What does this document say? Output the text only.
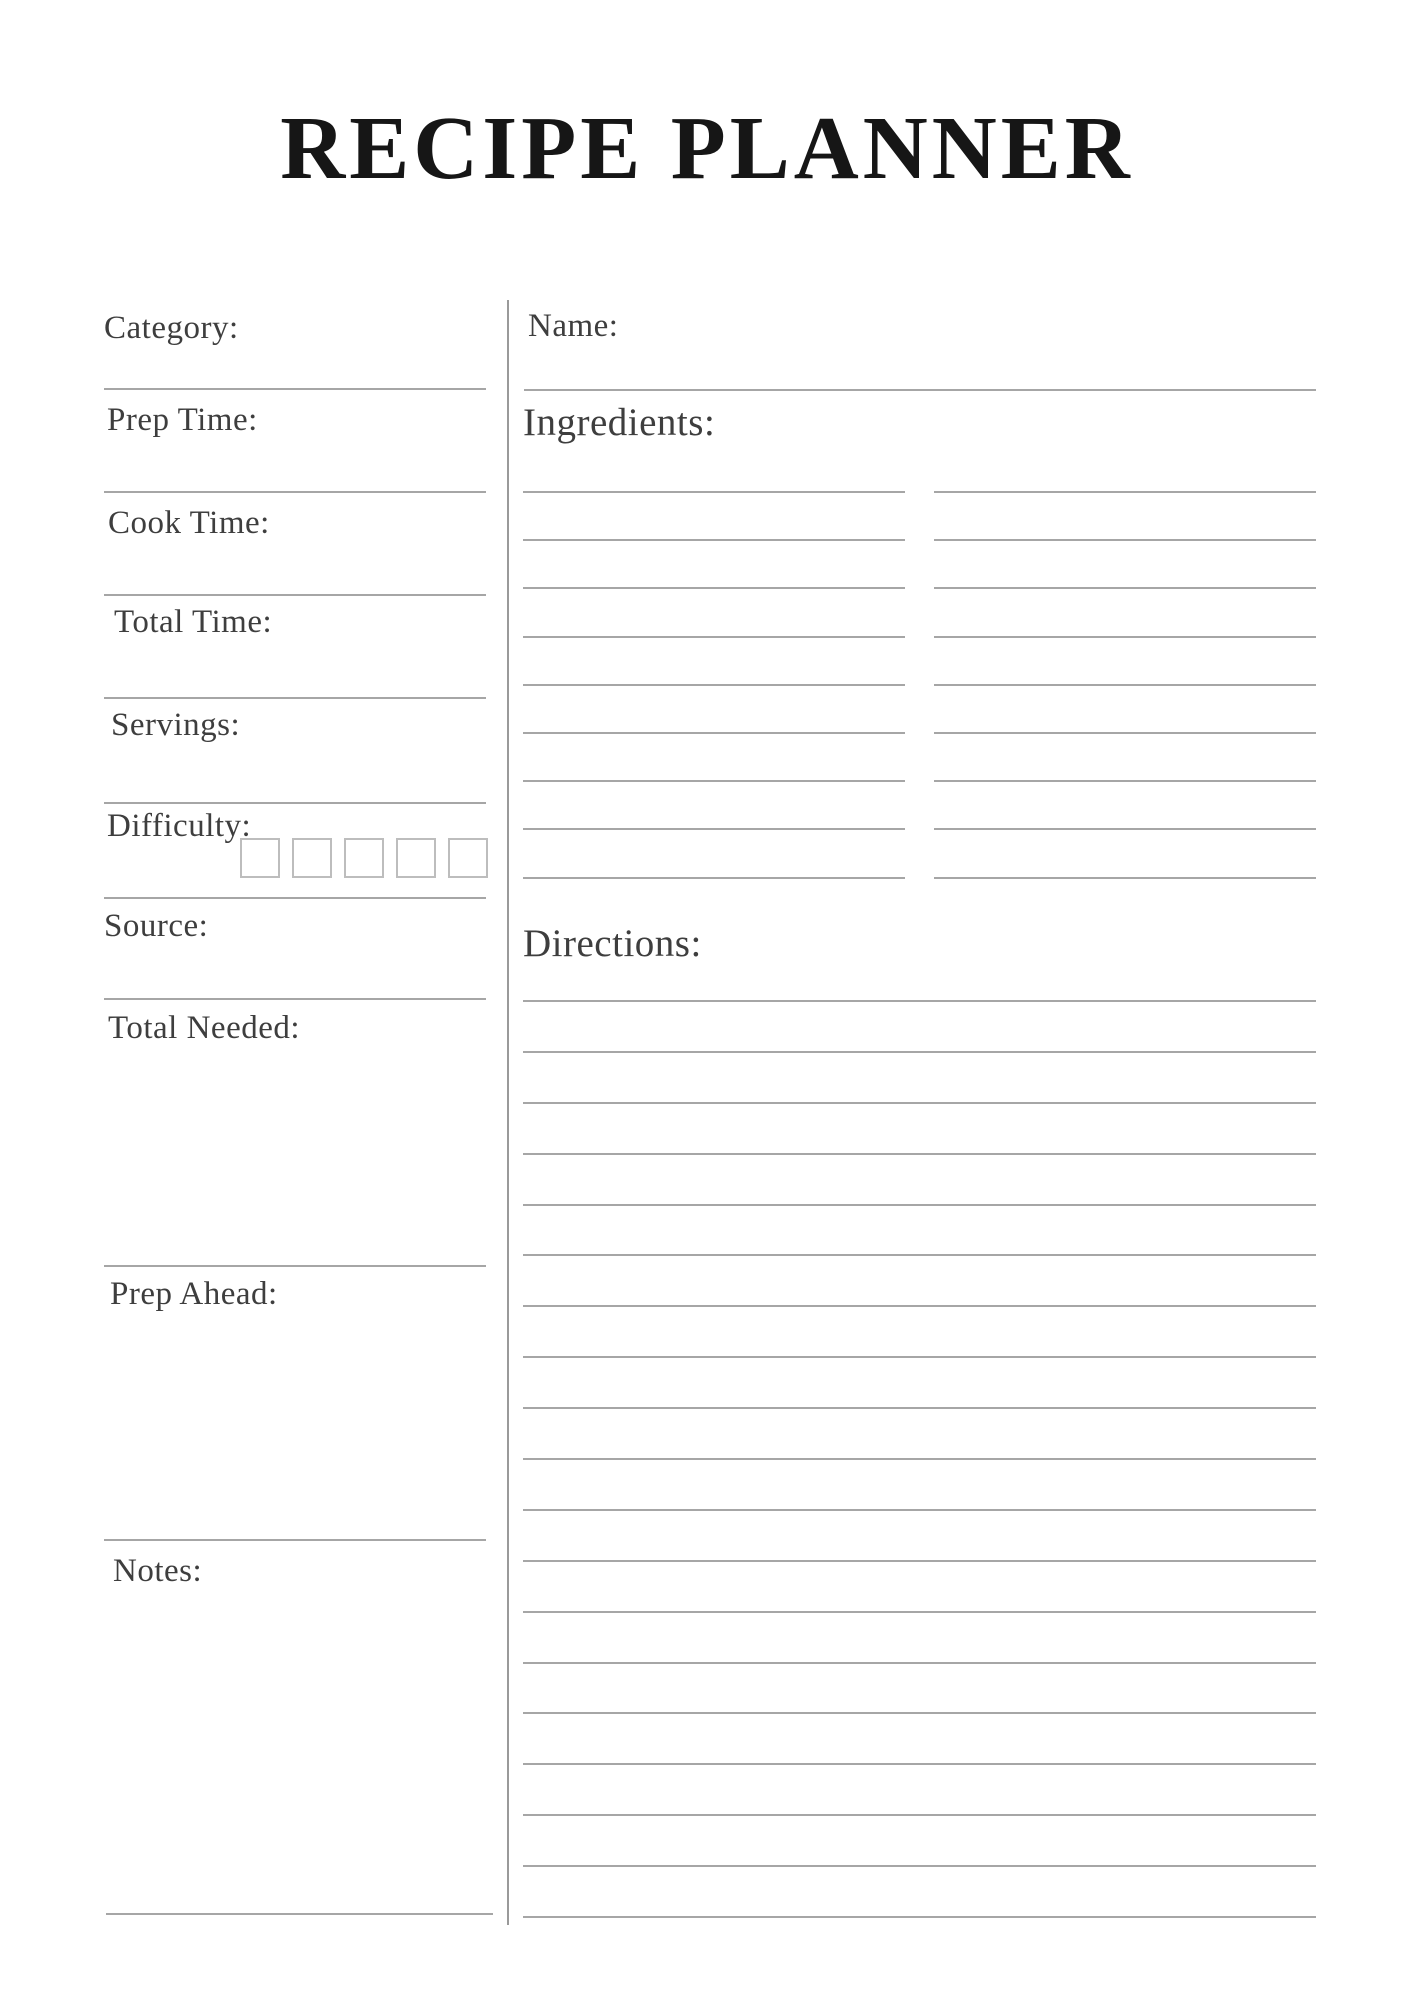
RECIPE PLANNER
Category:
Prep Time:
Cook Time:
Total Time:
Servings:
Difficulty:
Source:
Total Needed:
Prep Ahead:
Notes:
Name:
Ingredients:
Directions:
